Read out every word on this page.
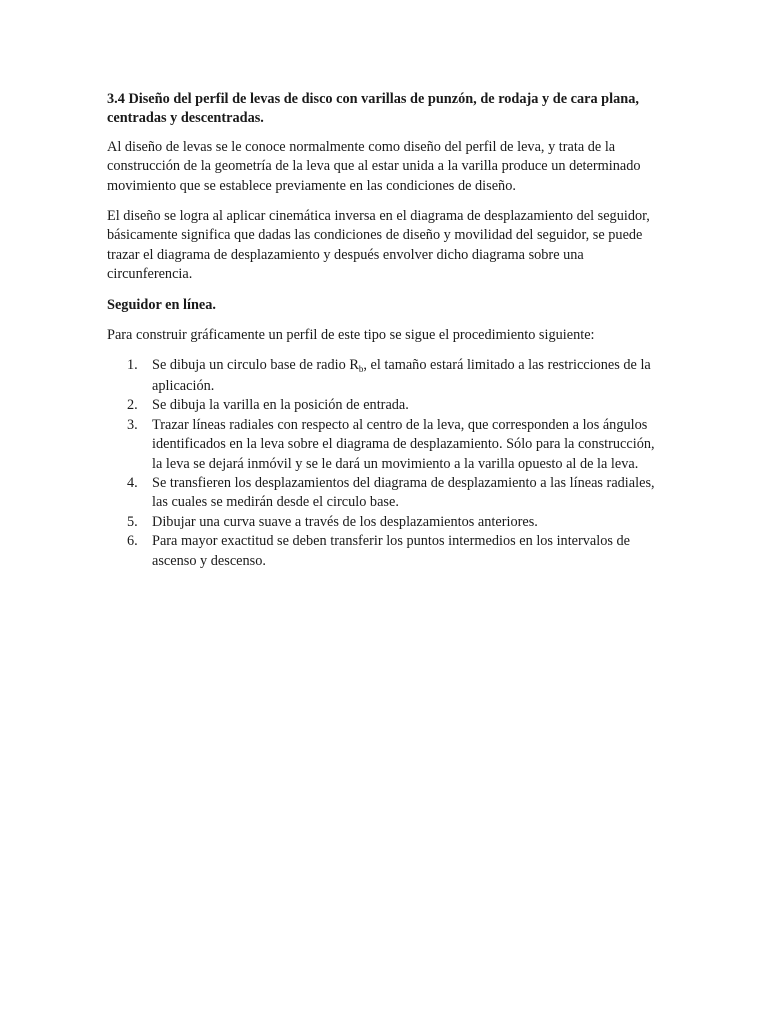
3.4 Diseño del perfil de levas de disco con varillas de punzón, de rodaja y de cara plana, centradas y descentradas.

Al diseño de levas se le conoce normalmente como diseño del perfil de leva, y trata de la construcción de la geometría de la leva que al estar unida a la varilla produce un determinado movimiento que se establece previamente en las condiciones de diseño.

El diseño se logra al aplicar cinemática inversa en el diagrama de desplazamiento del seguidor, básicamente significa que dadas las condiciones de diseño y movilidad del seguidor, se puede trazar el diagrama de desplazamiento y después envolver dicho diagrama sobre una circunferencia.

Seguidor en línea.

Para construir gráficamente un perfil de este tipo se sigue el procedimiento siguiente:

1. Se dibuja un circulo base de radio $R_b$, el tamaño estará limitado a las restricciones de la aplicación.
2. Se dibuja la varilla en la posición de entrada.
3. Trazar líneas radiales con respecto al centro de la leva, que corresponden a los ángulos identificados en la leva sobre el diagrama de desplazamiento. Sólo para la construcción, la leva se dejará inmóvil y se le dará un movimiento a la varilla opuesto al de la leva.
4. Se transfieren los desplazamientos del diagrama de desplazamiento a las líneas radiales, las cuales se medirán desde el circulo base.
5. Dibujar una curva suave a través de los desplazamientos anteriores.
6. Para mayor exactitud se deben transferir los puntos intermedios en los intervalos de ascenso y descenso.
